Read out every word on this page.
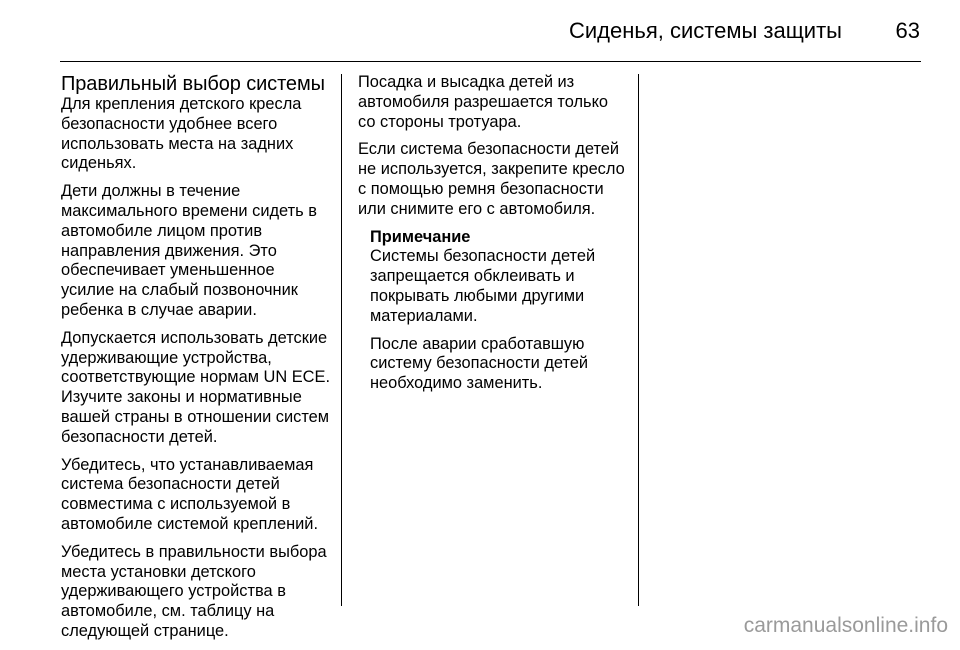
Сиденья, системы защиты 63
Правильный выбор системы

Для крепления детского кресла безопасности удобнее всего использовать места на задних сиденьях.

Дети должны в течение максимального времени сидеть в автомобиле лицом против направления движения. Это обеспечивает уменьшенное усилие на слабый позвоночник ребенка в случае аварии.

Допускается использовать детские удерживающие устройства, соответствующие нормам UN ECE. Изучите законы и нормативные вашей страны в отношении систем безопасности детей.

Убедитесь, что устанавливаемая система безопасности детей совместима с используемой в автомобиле системой креплений.

Убедитесь в правильности выбора места установки детского удерживающего устройства в автомобиле, см. таблицу на следующей странице.

Посадка и высадка детей из автомобиля разрешается только со стороны тротуара.

Если система безопасности детей не используется, закрепите кресло с помощью ремня безопасности или снимите его с автомобиля.

Примечание

Системы безопасности детей запрещается обклеивать и покрывать любыми другими материалами.

После аварии сработавшую систему безопасности детей необходимо заменить.

carmanualsonline.info
